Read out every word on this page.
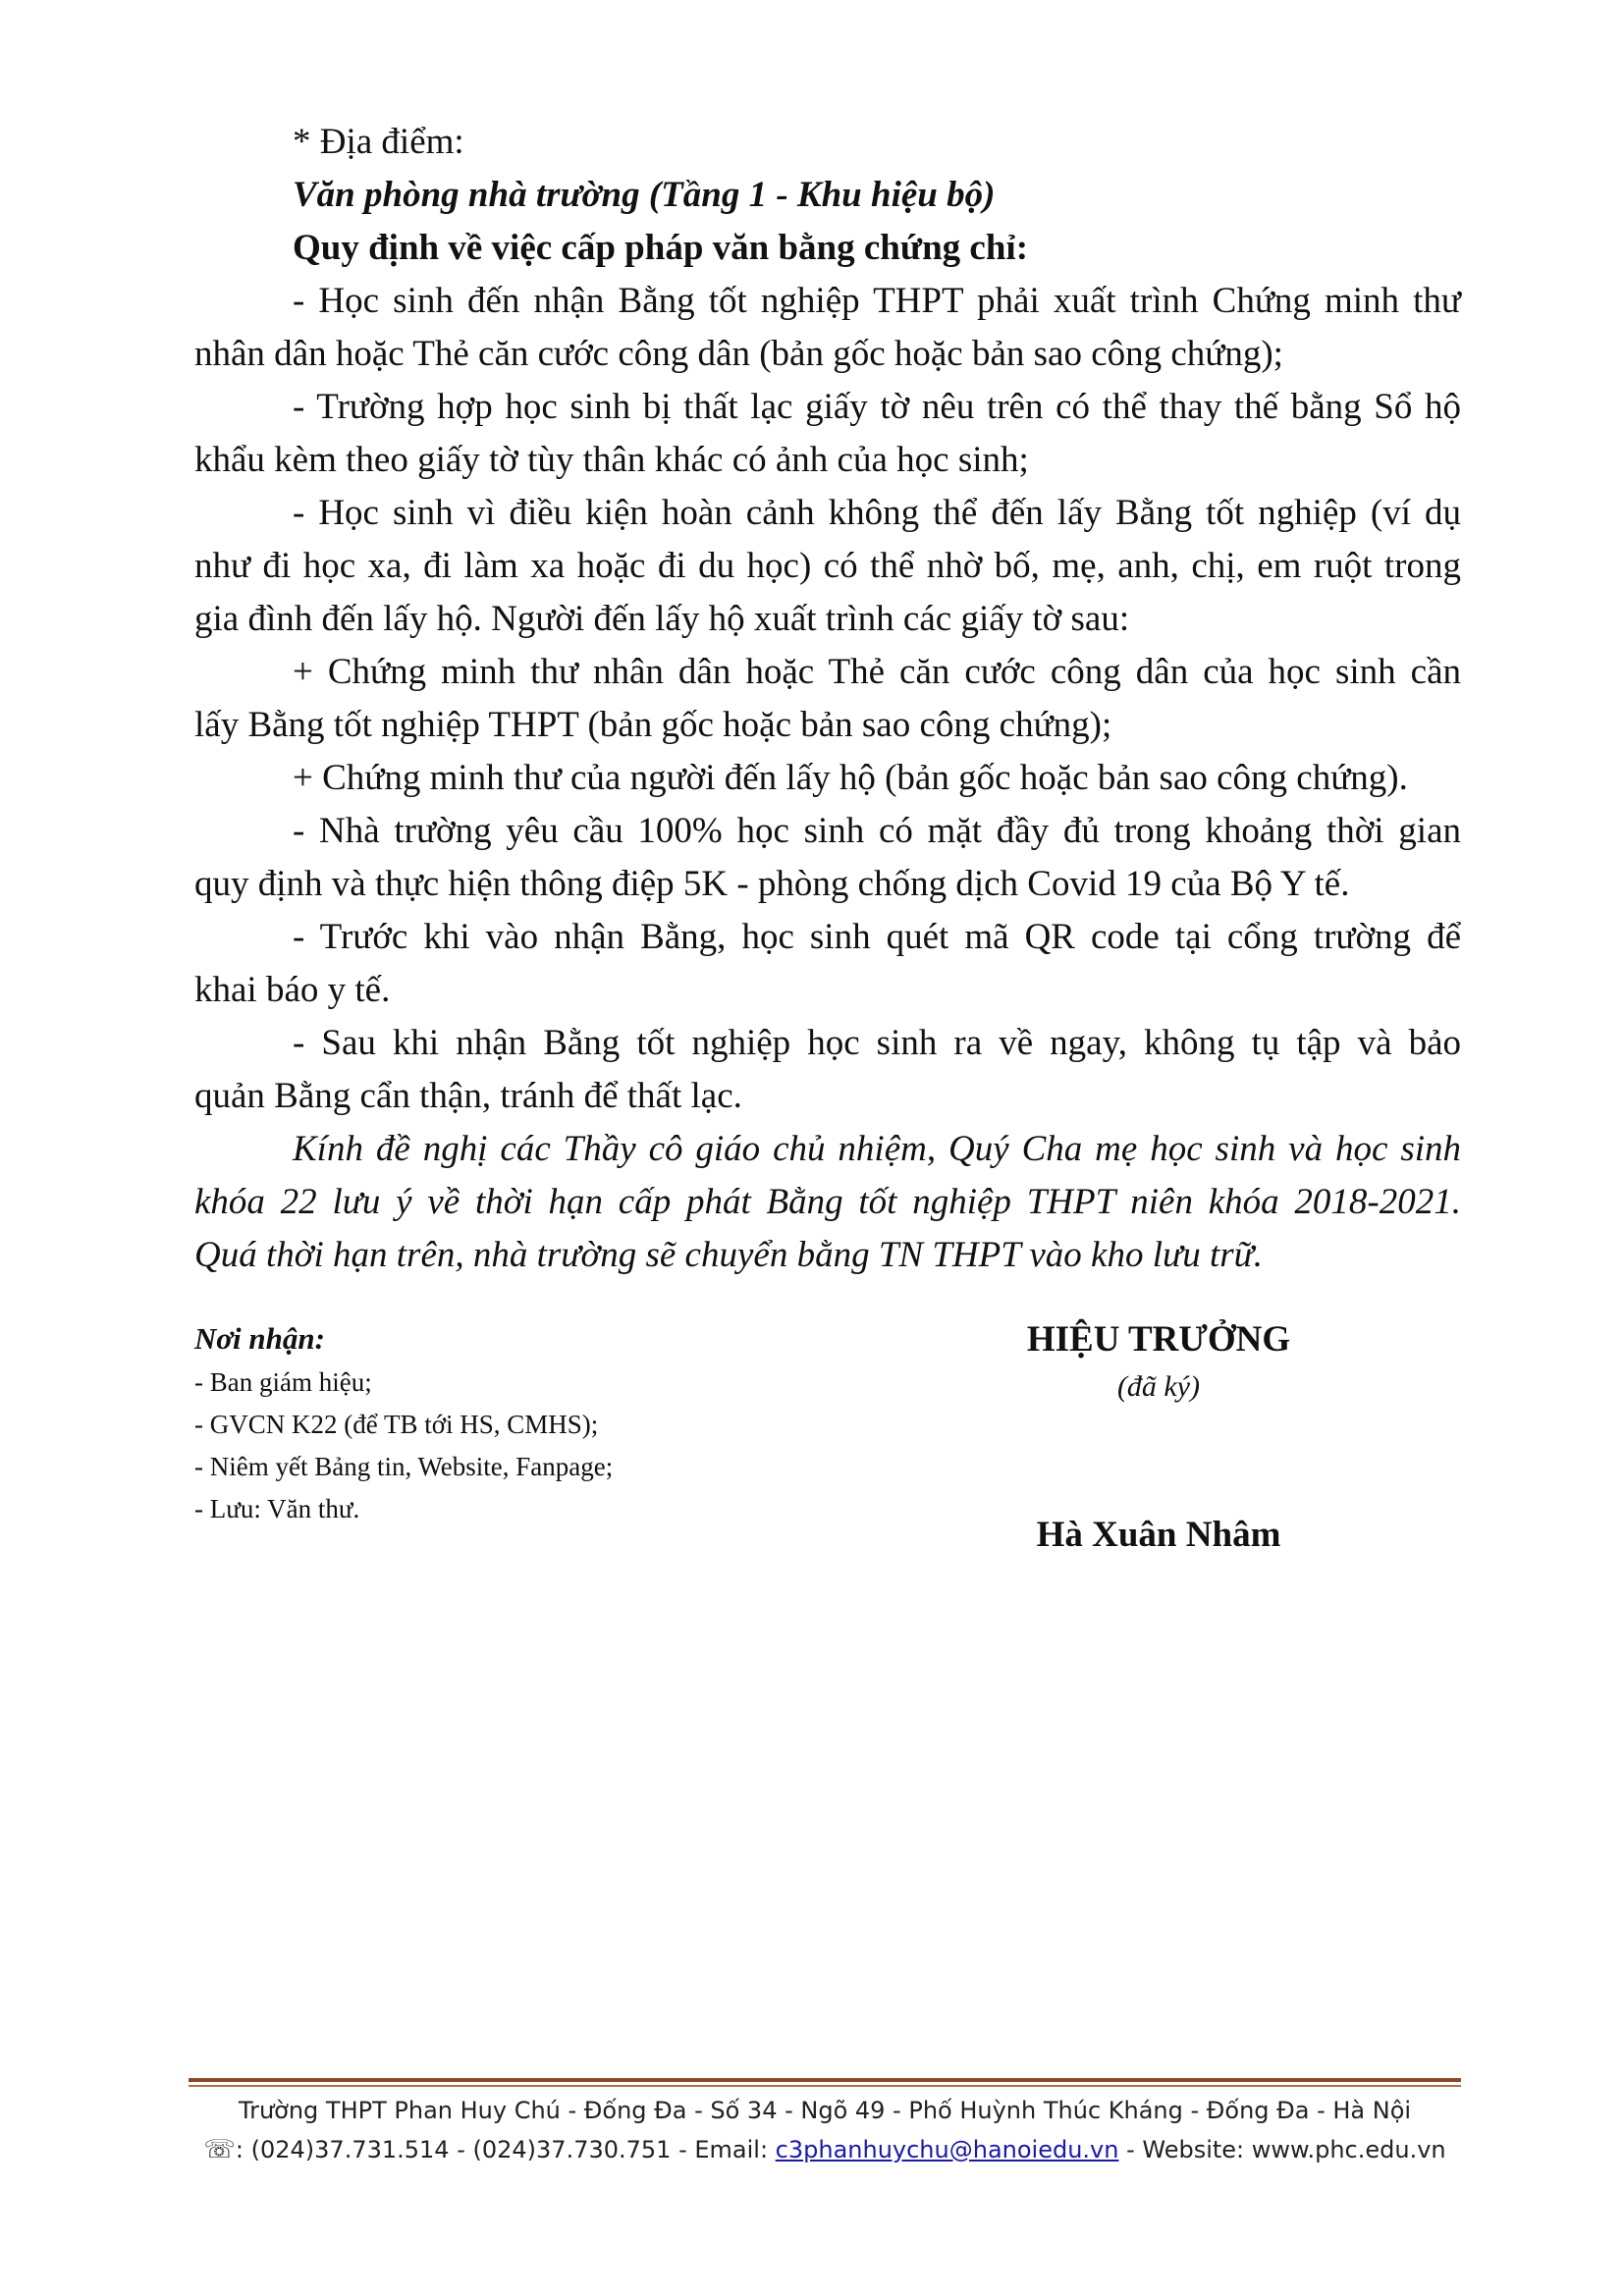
* Địa điểm:

Văn phòng nhà trường (Tầng 1 - Khu hiệu bộ)

Quy định về việc cấp pháp văn bằng chứng chỉ:

- Học sinh đến nhận Bằng tốt nghiệp THPT phải xuất trình Chứng minh thư

nhân dân hoặc Thẻ căn cước công dân (bản gốc hoặc bản sao công chứng);

- Trường hợp học sinh bị thất lạc giấy tờ nêu trên có thể thay thế bằng Sổ hộ

khẩu kèm theo giấy tờ tùy thân khác có ảnh của học sinh;

- Học sinh vì điều kiện hoàn cảnh không thể đến lấy Bằng tốt nghiệp (ví dụ

như đi học xa, đi làm xa hoặc đi du học) có thể nhờ bố, mẹ, anh, chị, em ruột trong

gia đình đến lấy hộ. Người đến lấy hộ xuất trình các giấy tờ sau:

+ Chứng minh thư nhân dân hoặc Thẻ căn cước công dân của học sinh cần

lấy Bằng tốt nghiệp THPT (bản gốc hoặc bản sao công chứng);

+ Chứng minh thư của người đến lấy hộ (bản gốc hoặc bản sao công chứng).

- Nhà trường yêu cầu 100% học sinh có mặt đầy đủ trong khoảng thời gian

quy định và thực hiện thông điệp 5K - phòng chống dịch Covid 19 của Bộ Y tế.

- Trước khi vào nhận Bằng, học sinh quét mã QR code tại cổng trường để

khai báo y tế.

- Sau khi nhận Bằng tốt nghiệp học sinh ra về ngay, không tụ tập và bảo

quản Bằng cẩn thận, tránh để thất lạc.

Kính đề nghị các Thầy cô giáo chủ nhiệm, Quý Cha mẹ học sinh và học sinh

khóa 22 lưu ý về thời hạn cấp phát Bằng tốt nghiệp THPT niên khóa 2018-2021.

Quá thời hạn trên, nhà trường sẽ chuyển bằng TN THPT vào kho lưu trữ.

Nơi nhận:

- Ban giám hiệu;

- GVCN K22 (để TB tới HS, CMHS);

- Niêm yết Bảng tin, Website, Fanpage;

- Lưu: Văn thư.

HIỆU TRƯỞNG
(đã ký)
Hà Xuân Nhâm
Trường THPT Phan Huy Chú - Đống Đa - Số 34 - Ngõ 49 - Phố Huỳnh Thúc Kháng - Đống Đa - Hà Nội
☏: (024)37.731.514 - (024)37.730.751 - Email: c3phanhuychu@hanoiedu.vn - Website: www.phc.edu.vn
